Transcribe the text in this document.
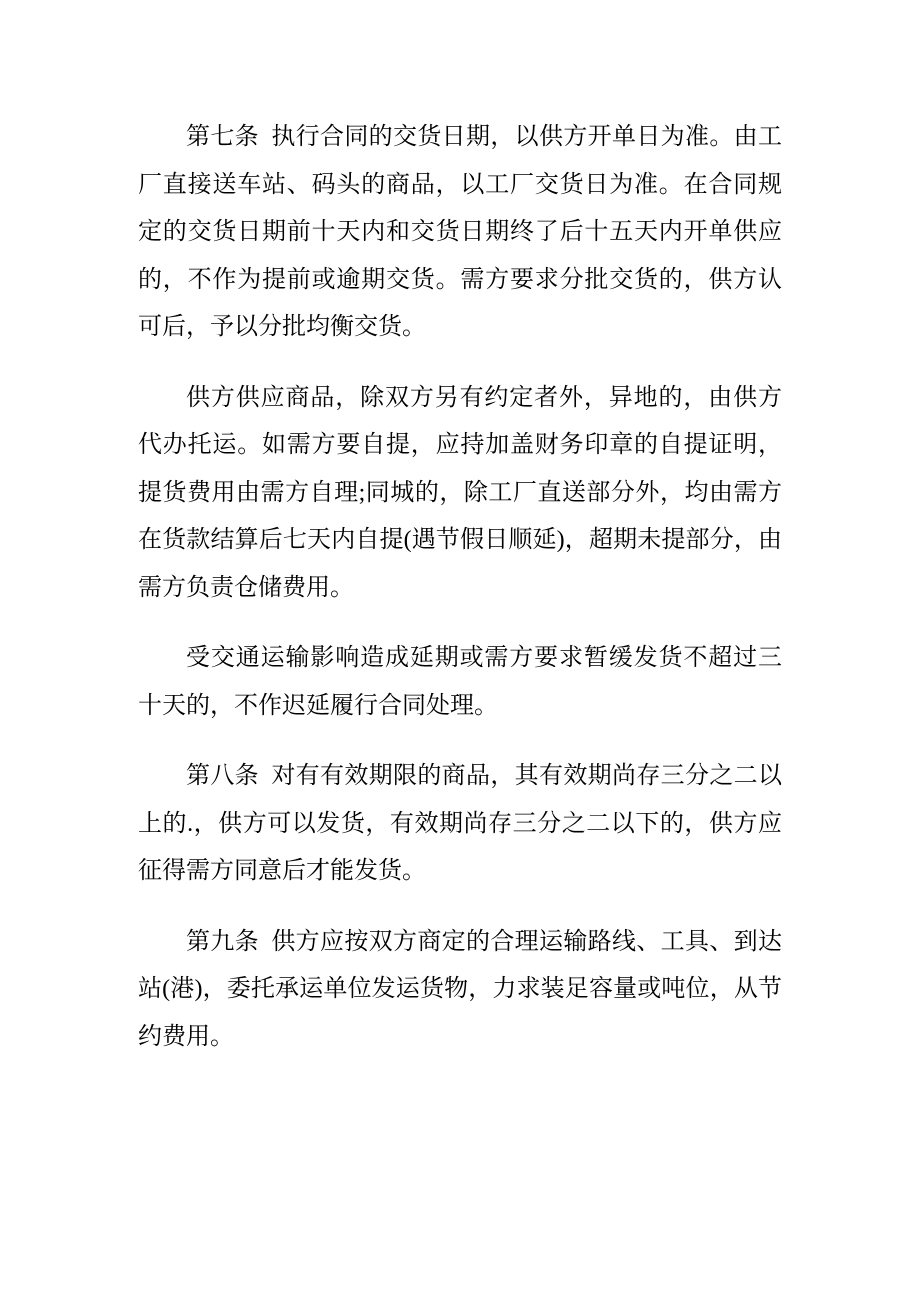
第七条 执行合同的交货日期，以供方开单日为准。由工厂直接送车站、码头的商品，以工厂交货日为准。在合同规定的交货日期前十天内和交货日期终了后十五天内开单供应的，不作为提前或逾期交货。需方要求分批交货的，供方认可后，予以分批均衡交货。

供方供应商品，除双方另有约定者外，异地的，由供方代办托运。如需方要自提，应持加盖财务印章的自提证明，提货费用由需方自理;同城的，除工厂直送部分外，均由需方在货款结算后七天内自提(遇节假日顺延)，超期未提部分，由需方负责仓储费用。

受交通运输影响造成延期或需方要求暂缓发货不超过三十天的，不作迟延履行合同处理。

第八条 对有有效期限的商品，其有效期尚存三分之二以上的.，供方可以发货，有效期尚存三分之二以下的，供方应征得需方同意后才能发货。

第九条 供方应按双方商定的合理运输路线、工具、到达站(港)，委托承运单位发运货物，力求装足容量或吨位，从节约费用。
